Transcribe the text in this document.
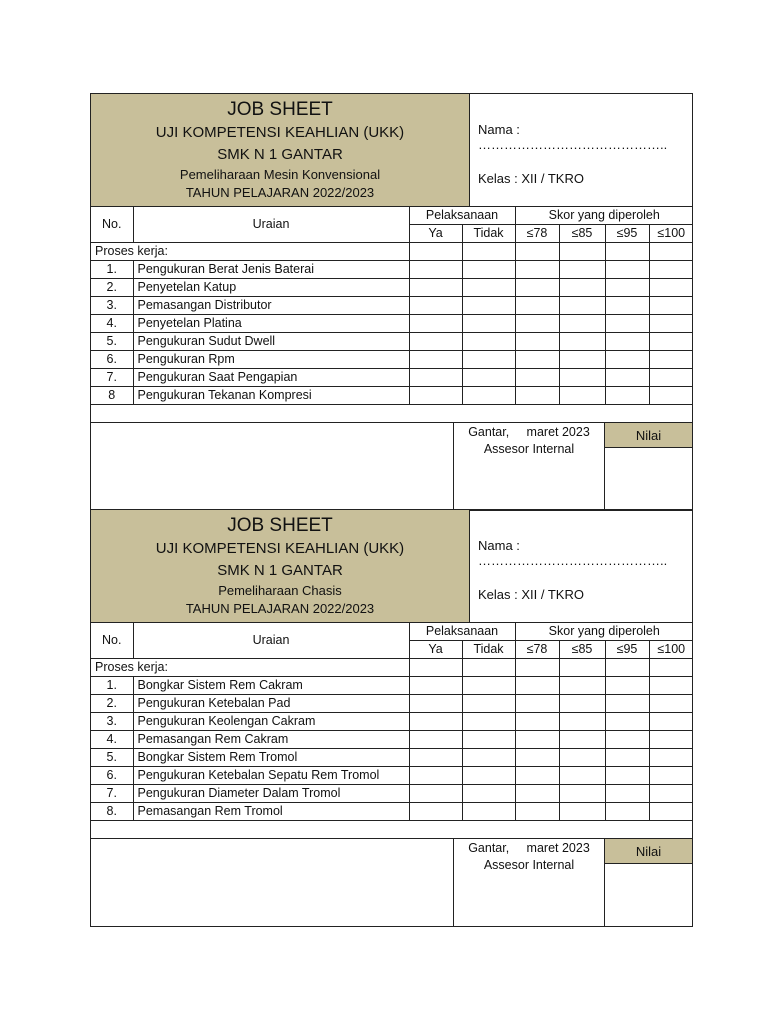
JOB SHEET
UJI KOMPETENSI KEAHLIAN (UKK)
SMK N 1 GANTAR
Pemeliharaan Mesin Konvensional
TAHUN PELAJARAN 2022/2023
Nama : ……………………………………..
Kelas : XII / TKRO
No.	Uraian	Pelaksanaan		Skor yang diperoleh			
		Ya	Tidak	≤78	≤85	≤95	≤100
Proses kerja:							
1.	Pengukuran Berat Jenis Baterai						
2.	Penyetelan Katup						
3.	Pemasangan Distributor						
4.	Penyetelan Platina						
5.	Pengukuran Sudut Dwell						
6.	Pengukuran Rpm						
7.	Pengukuran Saat Pengapian						
8	Pengukuran Tekanan Kompresi						

Gantar,     maret 2023
Assesor Internal
Nilai
JOB SHEET
UJI KOMPETENSI KEAHLIAN (UKK)
SMK N 1 GANTAR
Pemeliharaan Chasis
TAHUN PELAJARAN 2022/2023
Nama : ……………………………………..
Kelas : XII / TKRO
No.	Uraian	Pelaksanaan		Skor yang diperoleh			
		Ya	Tidak	≤78	≤85	≤95	≤100
Proses kerja:							
1.	Bongkar Sistem Rem Cakram						
2.	Pengukuran Ketebalan Pad						
3.	Pengukuran Keolengan Cakram						
4.	Pemasangan Rem Cakram						
5.	Bongkar Sistem Rem Tromol						
6.	Pengukuran Ketebalan Sepatu Rem Tromol						
7.	Pengukuran Diameter Dalam Tromol						
8.	Pemasangan Rem Tromol						

Gantar,     maret 2023
Assesor Internal
Nilai
